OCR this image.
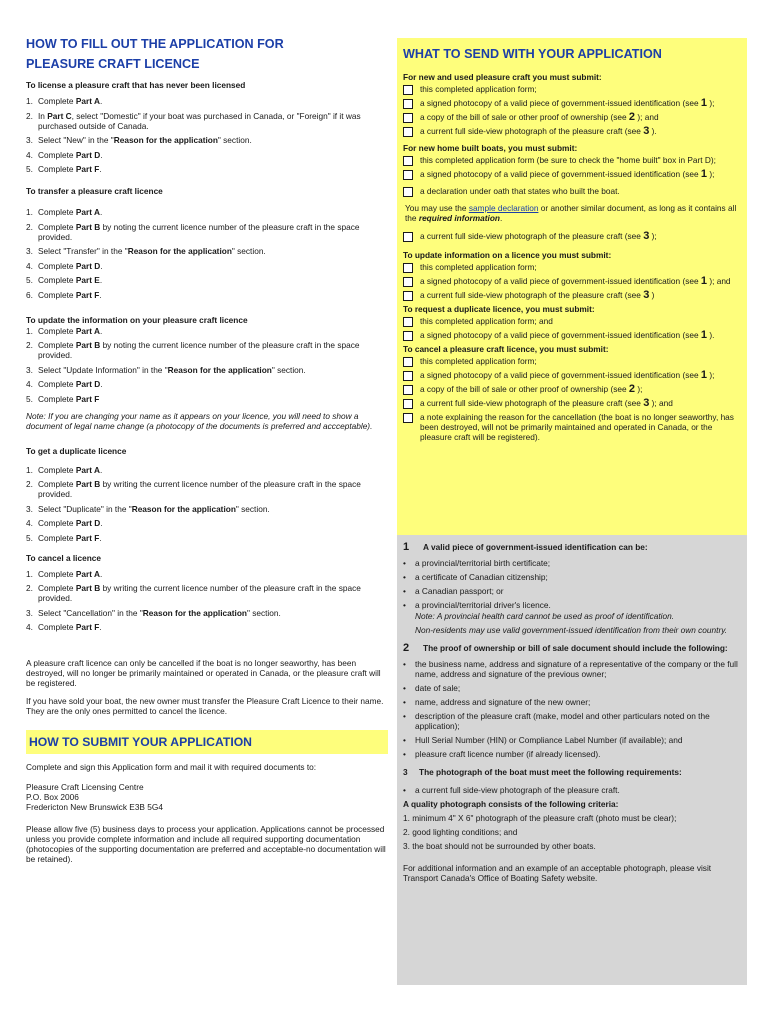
HOW TO FILL OUT THE APPLICATION FOR
PLEASURE CRAFT LICENCE
To license a pleasure craft that has never been licensed
1. Complete Part A.
2. In Part C, select "Domestic" if your boat was purchased in Canada, or "Foreign" if it was purchased outside of Canada.
3. Select "New" in the "Reason for the application" section.
4. Complete Part D.
5. Complete Part F.
To transfer a pleasure craft licence
1. Complete Part A.
2. Complete Part B by noting the current licence number of the pleasure craft in the space provided.
3. Select "Transfer" in the "Reason for the application" section.
4. Complete Part D.
5. Complete Part E.
6. Complete Part F.
To update the information on your pleasure craft licence
1. Complete Part A.
2. Complete Part B by noting the current licence number of the pleasure craft in the space provided.
3. Select "Update Information" in the "Reason for the application" section.
4. Complete Part D.
5. Complete Part F
Note: If you are changing your name as it appears on your licence, you will need to show a document of legal name change (a photocopy of the documents is preferred and accceptable).
To get a duplicate licence
1. Complete Part A.
2. Complete Part B by writing the current licence number of the pleasure craft in the space provided.
3. Select "Duplicate" in the "Reason for the application" section.
4. Complete Part D.
5. Complete Part F.
To cancel a licence
1. Complete Part A.
2. Complete Part B by writing the current licence number of the pleasure craft in the space provided.
3. Select "Cancellation" in the "Reason for the application" section.
4. Complete Part F.
A pleasure craft licence can only be cancelled if the boat is no longer seaworthy, has been destroyed, will no longer be primarily maintained or operated in Canada, or the pleasure craft will be registered.
If you have sold your boat, the new owner must transfer the Pleasure Craft Licence to their name. They are the only ones permitted to cancel the licence.
HOW TO SUBMIT YOUR APPLICATION
Complete and sign this Application form and mail it with required documents to:
Pleasure Craft Licensing Centre
P.O. Box 2006
Fredericton New Brunswick E3B 5G4
Please allow five (5) business days to process your application. Applications cannot be processed unless you provide complete information and include all required supporting documentation (photocopies of the supporting documentation are preferred and acceptable-no documentation will be retained).
WHAT TO SEND WITH YOUR APPLICATION
For new and used pleasure craft you must submit:
this completed application form;
a signed photocopy of a valid piece of government-issued identification (see 1 );
a copy of the bill of sale or other proof of ownership (see 2 ); and
a current full side-view photograph of the pleasure craft (see 3 ).
For new home built boats, you must submit:
this completed application form (be sure to check the "home built" box in Part D);
a signed photocopy of a valid piece of government-issued identification (see 1 );
a declaration under oath that states who built the boat.
You may use the sample declaration or another similar document, as long as it contains all the required information.
a current full side-view photograph of the pleasure craft (see 3 );
To update information on a licence you must submit:
this completed application form;
a signed photocopy of a valid piece of government-issued identification (see 1 ); and
a current full side-view photograph of the pleasure craft (see 3 )
To request a duplicate licence, you must submit:
this completed application form; and
a signed photocopy of a valid piece of government-issued identification (see 1 ).
To cancel a pleasure craft licence, you must submit:
this completed application form;
a signed photocopy of a valid piece of government-issued identification (see 1 );
a copy of the bill of sale or other proof of ownership (see 2 );
a current full side-view photograph of the pleasure craft (see 3 ); and
a note explaining the reason for the cancellation (the boat is no longer seaworthy, has been destroyed, will not be primarily maintained and operated in Canada, or the pleasure craft will be registered).
1	A valid piece of government-issued identification can be:
•	a provincial/territorial birth certificate;
•	a certificate of Canadian citizenship;
•	a Canadian passport; or
•	a provincial/territorial driver's licence.
Note: A provincial health card cannot be used as proof of identification.
Non-residents may use valid government-issued identification from their own country.
2	The proof of ownership or bill of sale document should include the following:
•	the business name, address and signature of a representative of the company or the full name, address and signature of the previous owner;
•	date of sale;
•	name, address and signature of the new owner;
•	description of the pleasure craft (make, model and other particulars noted on the application);
•	Hull Serial Number (HIN) or Compliance Label Number (if available); and
•	pleasure craft licence number (if already licensed).
3	The photograph of the boat must meet the following requirements:
•	a current full side-view photograph of the pleasure craft.
A quality photograph consists of the following criteria:
1. minimum 4" X 6" photograph of the pleasure craft (photo must be clear);
2. good lighting conditions; and
3. the boat should not be surrounded by other boats.
For additional information and an example of an acceptable photograph, please visit Transport Canada's Office of Boating Safety website.
